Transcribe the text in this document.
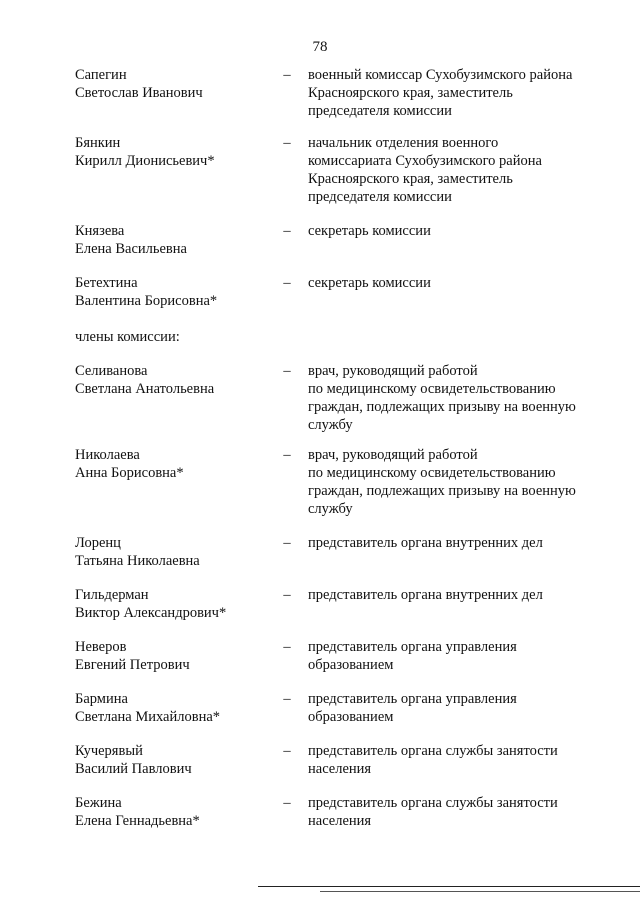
78
Сапегин
Светослав Иванович
– военный комиссар Сухобузимского района
Красноярского края, заместитель
председателя комиссии
Бянкин
Кирилл Дионисьевич*
– начальник отделения военного
комиссариата Сухобузимского района
Красноярского края, заместитель
председателя комиссии
Князева
Елена Васильевна
– секретарь комиссии
Бетехтина
Валентина Борисовна*
– секретарь комиссии
члены комиссии:
Селиванова
Светлана Анатольевна
– врач, руководящий работой
по медицинскому освидетельствованию
граждан, подлежащих призыву на военную
службу
Николаева
Анна Борисовна*
– врач, руководящий работой
по медицинскому освидетельствованию
граждан, подлежащих призыву на военную
службу
Лоренц
Татьяна Николаевна
– представитель органа внутренних дел
Гильдерман
Виктор Александрович*
– представитель органа внутренних дел
Неверов
Евгений Петрович
– представитель органа управления
образованием
Бармина
Светлана Михайловна*
– представитель органа управления
образованием
Кучерявый
Василий Павлович
– представитель органа службы занятости
населения
Бежина
Елена Геннадьевна*
– представитель органа службы занятости
населения
